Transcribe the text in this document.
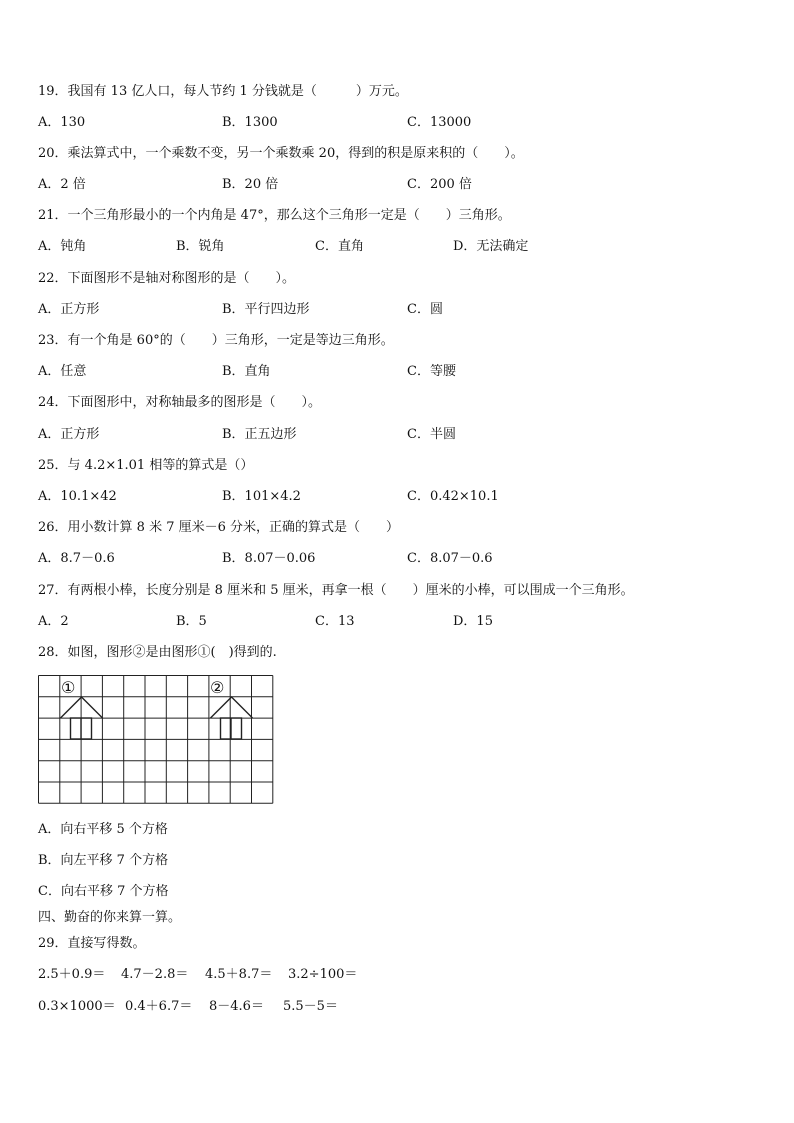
19．我国有 13 亿人口，每人节约 1 分钱就是（　　　）万元。
A．130	B．1300	C．13000
20．乘法算式中，一个乘数不变，另一个乘数乘 20，得到的积是原来积的（　　）。
A．2 倍	B．20 倍	C．200 倍
21．一个三角形最小的一个内角是 47°，那么这个三角形一定是（　　）三角形。
A．钝角	B．锐角	C．直角	D．无法确定
22．下面图形不是轴对称图形的是（　　）。
A．正方形	B．平行四边形	C．圆
23．有一个角是 60°的（　　）三角形，一定是等边三角形。
A．任意	B．直角	C．等腰
24．下面图形中，对称轴最多的图形是（　　）。
A．正方形	B．正五边形	C．半圆
25．与 4.2×1.01 相等的算式是（）
A．10.1×42	B．101×4.2	C．0.42×10.1
26．用小数计算 8 米 7 厘米－6 分米，正确的算式是（　　）
A．8.7－0.6	B．8.07－0.06	C．8.07－0.6
27．有两根小棒，长度分别是 8 厘米和 5 厘米，再拿一根（　　）厘米的小棒，可以围成一个三角形。
A．2	B．5	C．13	D．15
28．如图，图形②是由图形①(　)得到的.
①	②
A．向右平移 5 个方格
B．向左平移 7 个方格
C．向右平移 7 个方格
四、勤奋的你来算一算。
29．直接写得数。
2.5＋0.9＝ 4.7－2.8＝ 4.5＋8.7＝ 3.2÷100＝
0.3×1000＝ 0.4＋6.7＝ 8－4.6＝ 5.5－5＝
